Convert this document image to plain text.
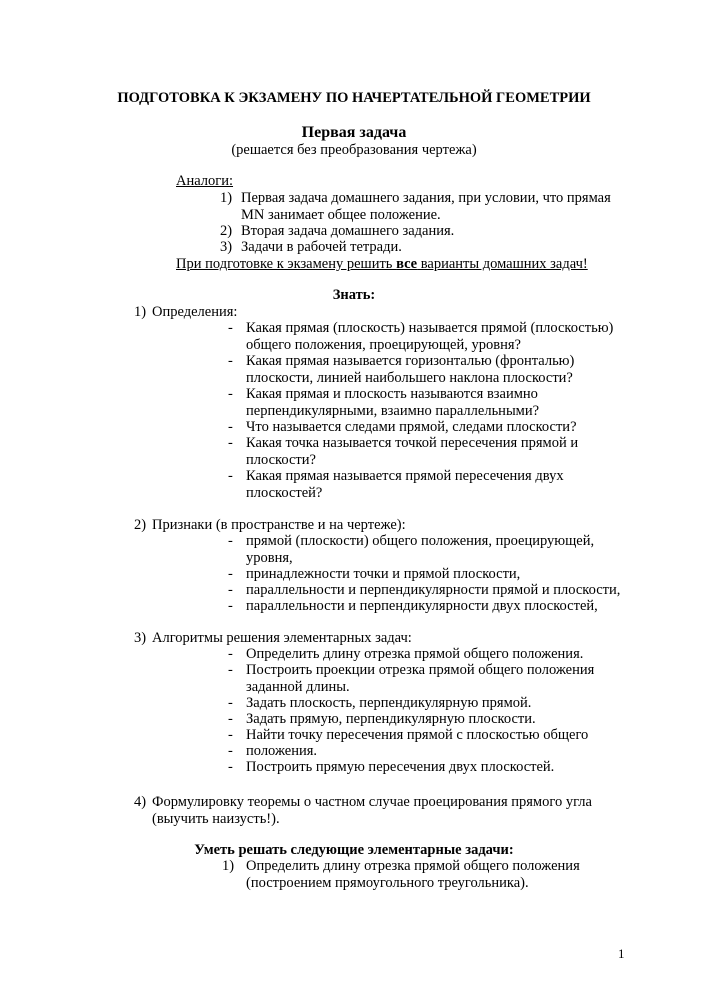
ПОДГОТОВКА К ЭКЗАМЕНУ ПО НАЧЕРТАТЕЛЬНОЙ ГЕОМЕТРИИ
Первая задача
(решается без преобразования чертежа)
Аналоги:
1) Первая задача домашнего задания, при условии, что прямая
MN занимает общее положение.
2) Вторая задача домашнего задания.
3) Задачи в рабочей тетради.
При подготовке к экзамену решить все варианты домашних задач!
Знать:
1) Определения:
- Какая прямая (плоскость) называется прямой (плоскостью)
общего положения, проецирующей, уровня?
- Какая прямая называется горизонталью (фронталью)
плоскости, линией наибольшего наклона плоскости?
- Какая прямая и плоскость называются взаимно
перпендикулярными, взаимно параллельными?
- Что называется следами прямой, следами плоскости?
- Какая точка называется точкой пересечения прямой и
плоскости?
- Какая прямая называется прямой пересечения двух
плоскостей?
2) Признаки (в пространстве и на чертеже):
- прямой (плоскости) общего положения, проецирующей,
уровня,
- принадлежности точки и прямой плоскости,
- параллельности и перпендикулярности прямой и плоскости,
- параллельности и перпендикулярности двух плоскостей,
3) Алгоритмы решения элементарных задач:
- Определить длину отрезка прямой общего положения.
- Построить проекции отрезка прямой общего положения
заданной длины.
- Задать плоскость, перпендикулярную прямой.
- Задать прямую, перпендикулярную плоскости.
- Найти точку пересечения прямой с плоскостью общего
- положения.
- Построить прямую пересечения двух плоскостей.
4) Формулировку теоремы о частном случае проецирования прямого угла
(выучить наизусть!).
Уметь решать следующие элементарные задачи:
1) Определить длину отрезка прямой общего положения
(построением прямоугольного треугольника).
1
